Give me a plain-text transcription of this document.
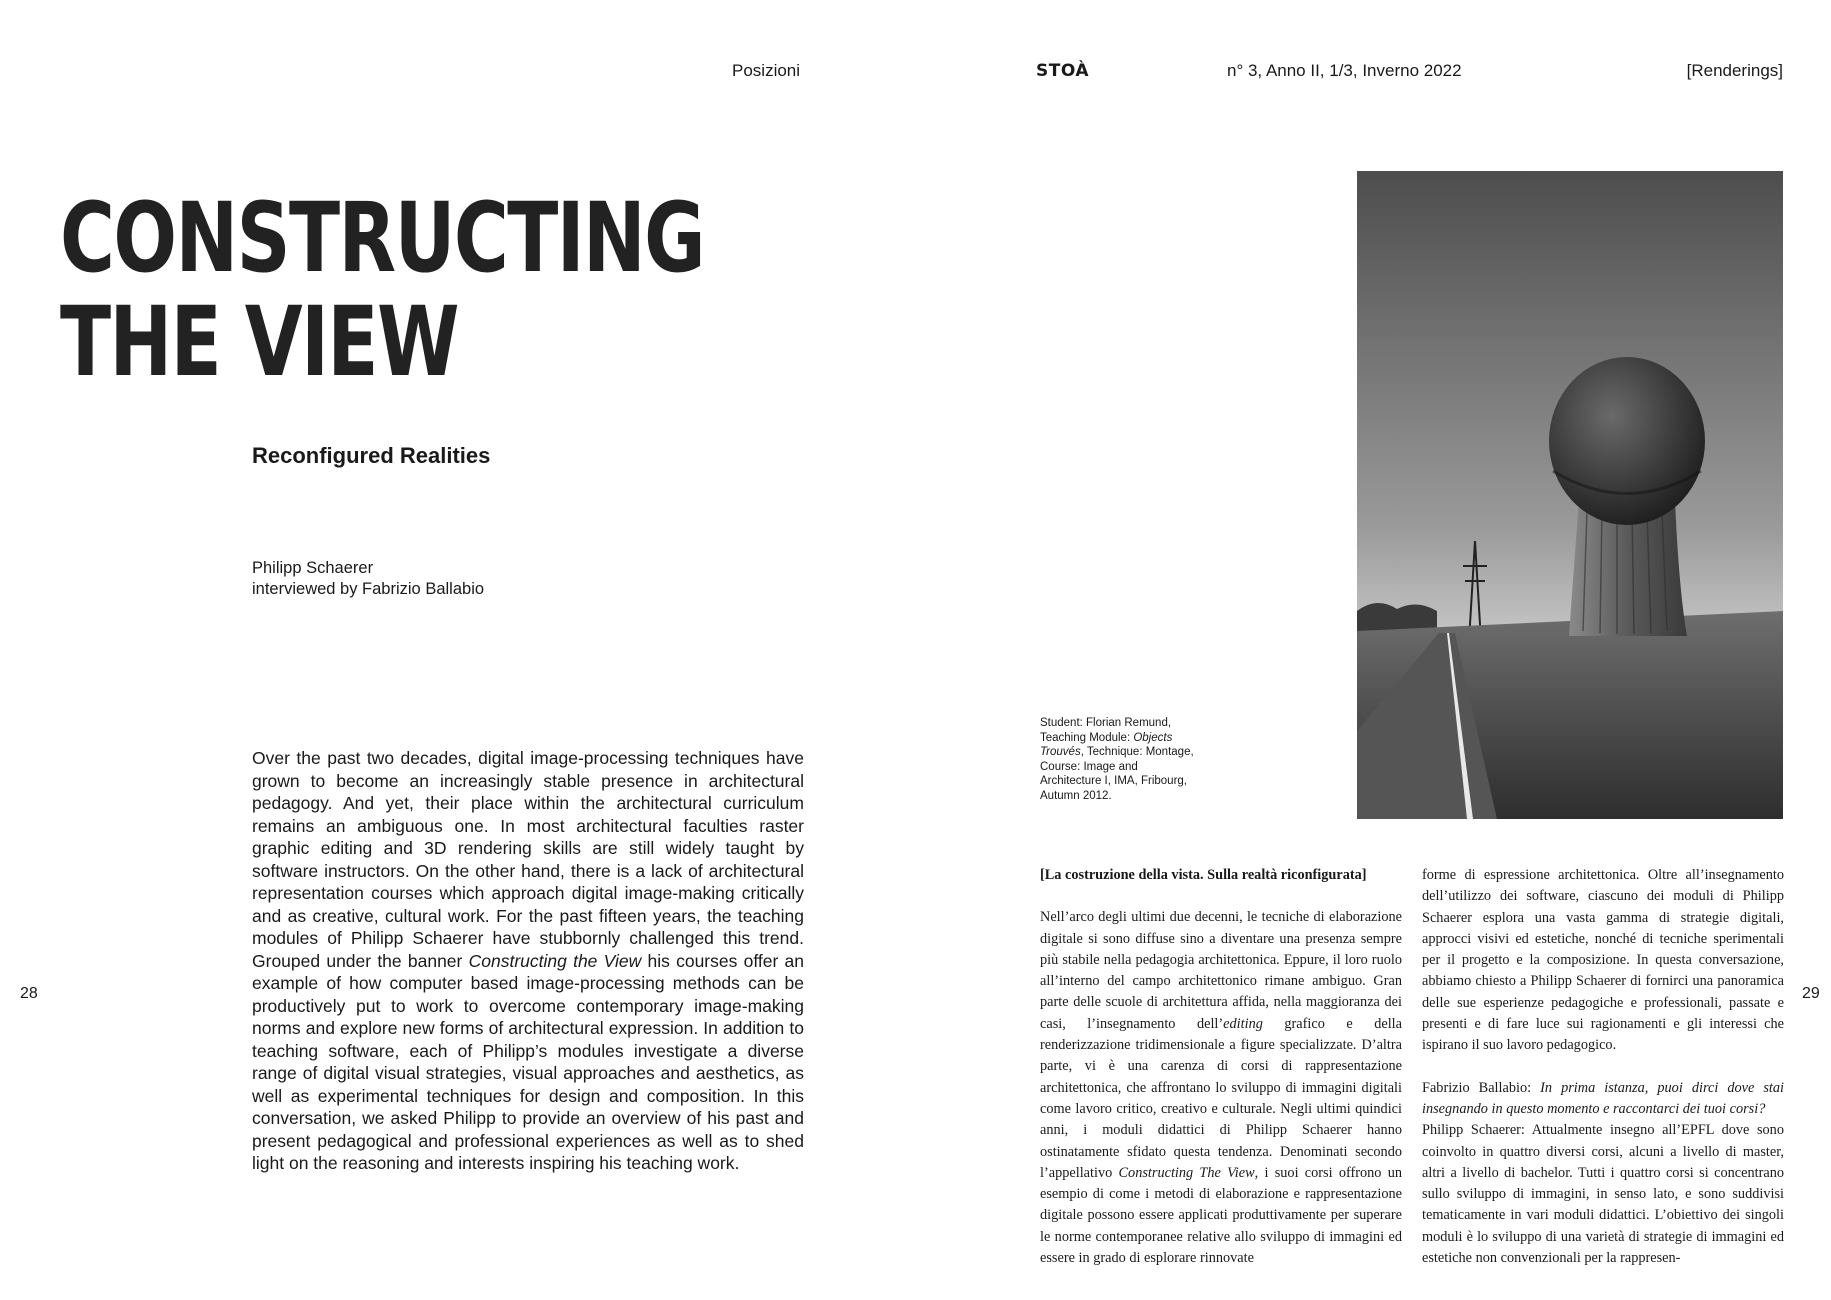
Posizioni	STOÀ	n° 3, Anno II, 1/3, Inverno 2022	[Renderings]
CONSTRUCTING
THE VIEW
Reconfigured Realities
Philipp Schaerer
interviewed by Fabrizio Ballabio

Over the past two decades, digital image-processing techniques have grown to become an increasingly stable presence in architectural pedagogy. And yet, their place within the architectural curriculum remains an ambiguous one. In most architectural faculties raster graphic editing and 3D rendering skills are still widely taught by software instructors. On the other hand, there is a lack of architectural representation courses which approach digital image-making critically and as creative, cultural work. For the past fifteen years, the teaching modules of Philipp Schaerer have stubbornly challenged this trend. Grouped under the banner Constructing the View his courses offer an example of how computer based image-processing methods can be productively put to work to overcome contemporary image-making norms and explore new forms of architectural expression. In addition to teaching software, each of Philipp’s modules investigate a diverse range of digital visual strategies, visual approaches and aesthetics, as well as experimental techniques for design and composition. In this conversation, we asked Philipp to provide an overview of his past and present pedagogical and professional experiences as well as to shed light on the reasoning and interests inspiring his teaching work.

28	29
Student: Florian Remund,
Teaching Module: Objects
Trouvés, Technique: Montage,
Course: Image and
Architecture I, IMA, Fribourg,
Autumn 2012.
[La costruzione della vista. Sulla realtà riconfigurata]

Nell’arco degli ultimi due decenni, le tecniche di elaborazione digitale si sono diffuse sino a diventare una presenza sempre più stabile nella pedagogia architettonica. Eppure, il loro ruolo all’interno del campo architettonico rimane ambiguo. Gran parte delle scuole di architettura affida, nella maggioranza dei casi, l’insegnamento dell’editing grafico e della renderizzazione tridimensionale a figure specializzate. D’altra parte, vi è una carenza di corsi di rappresentazione architettonica, che affrontano lo sviluppo di immagini digitali come lavoro critico, creativo e culturale. Negli ultimi quindici anni, i moduli didattici di Philipp Schaerer hanno ostinatamente sfidato questa tendenza. Denominati secondo l’appellativo Constructing The View, i suoi corsi offrono un esempio di come i metodi di elaborazione e rappresentazione digitale possono essere applicati produttivamente per superare le norme contemporanee relative allo sviluppo di immagini ed essere in grado di esplorare rinnovate

forme di espressione architettonica. Oltre all’insegnamento dell’utilizzo dei software, ciascuno dei moduli di Philipp Schaerer esplora una vasta gamma di strategie digitali, approcci visivi ed estetiche, nonché di tecniche sperimentali per il progetto e la composizione. In questa conversazione, abbiamo chiesto a Philipp Schaerer di fornirci una panoramica delle sue esperienze pedagogiche e professionali, passate e presenti e di fare luce sui ragionamenti e gli interessi che ispirano il suo lavoro pedagogico.

Fabrizio Ballabio: In prima istanza, puoi dirci dove stai insegnando in questo momento e raccontarci dei tuoi corsi?

Philipp Schaerer: Attualmente insegno all’EPFL dove sono coinvolto in quattro diversi corsi, alcuni a livello di master, altri a livello di bachelor. Tutti i quattro corsi si concentrano sullo sviluppo di immagini, in senso lato, e sono suddivisi tematicamente in vari moduli didattici. L’obiettivo dei singoli moduli è lo sviluppo di una varietà di strategie di immagini ed estetiche non convenzionali per la rappresen-
